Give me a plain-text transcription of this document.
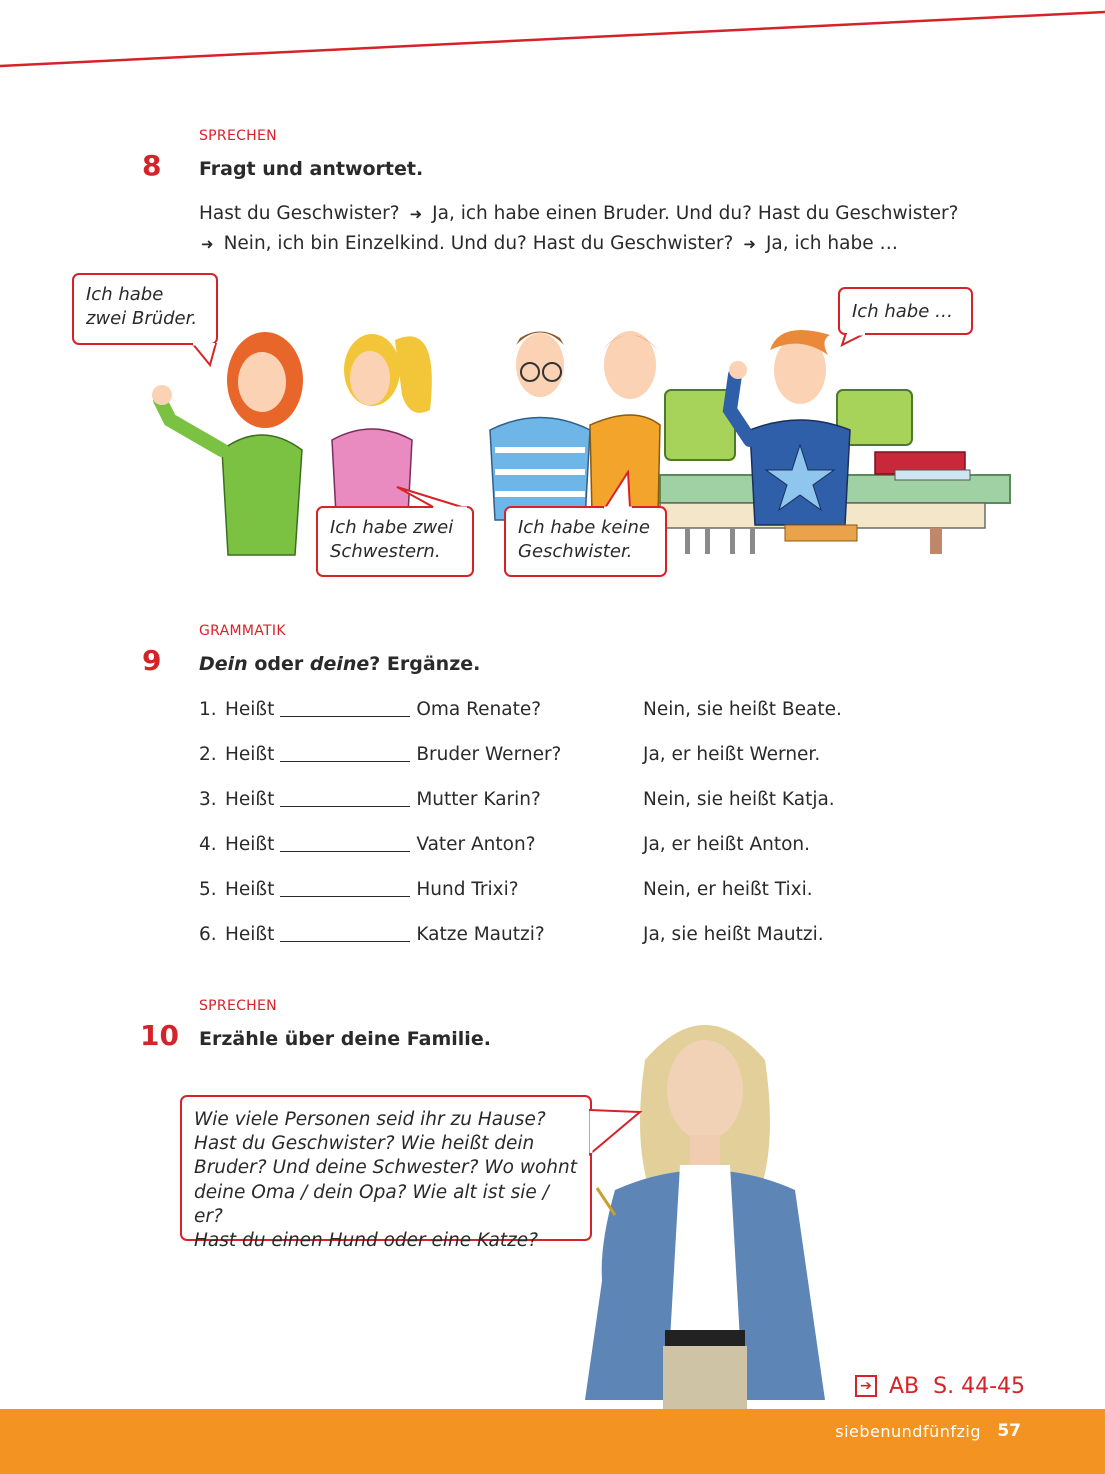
SPRECHEN
8 Fragt und antwortet.
Hast du Geschwister? ➜ Ja, ich habe einen Bruder. Und du? Hast du Geschwister?
➜ Nein, ich bin Einzelkind. Und du? Hast du Geschwister? ➜ Ja, ich habe …
Ich habe zwei Brüder.	Ich habe …
Ich habe zwei Schwestern.
Ich habe keine Geschwister.
GRAMMATIK
9 Dein oder deine? Ergänze.
1. Heißt	Oma Renate?	Nein, sie heißt Beate.
2. Heißt	Bruder Werner?	Ja, er heißt Werner.
3. Heißt	Mutter Karin?	Nein, sie heißt Katja.
4. Heißt	Vater Anton?	Ja, er heißt Anton.
5. Heißt	Hund Trixi?	Nein, er heißt Tixi.
6. Heißt	Katze Mautzi?	Ja, sie heißt Mautzi.
SPRECHEN
10 Erzähle über deine Familie.
Wie viele Personen seid ihr zu Hause?
Hast du Geschwister? Wie heißt dein
Bruder? Und deine Schwester? Wo wohnt
deine Oma / dein Opa? Wie alt ist sie / er?
Hast du einen Hund oder eine Katze?
➔ AB  S. 44-45
siebenundfünfzig 57
